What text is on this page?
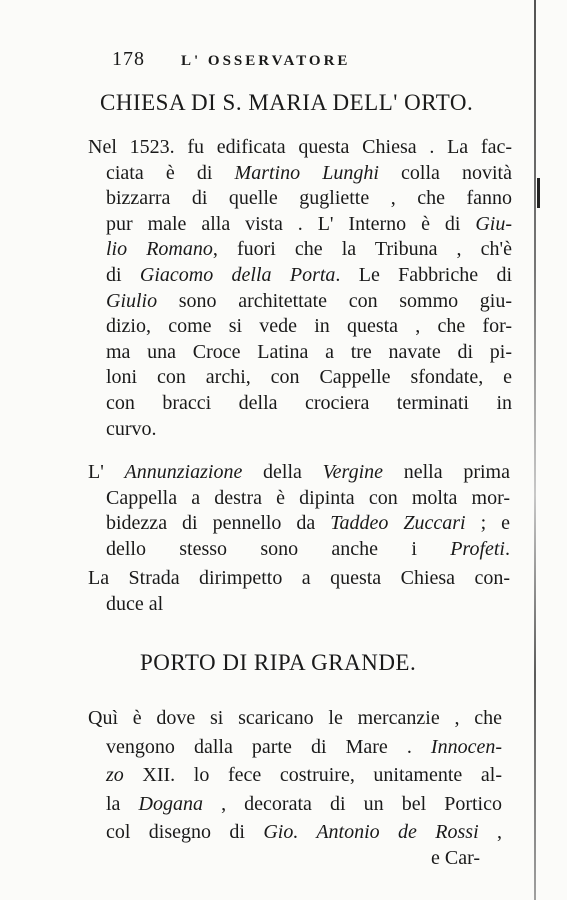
178 L' OSSERVATORE
CHIESA DI S. MARIA DELL' ORTO.
Nel 1523. fu edificata questa Chiesa . La fac-
ciata è di Martino Lunghi colla novità
bizzarra di quelle gugliette , che fanno
pur male alla vista . L' Interno è di Giu-
lio Romano, fuori che la Tribuna , ch'è
di Giacomo della Porta. Le Fabbriche di
Giulio sono architettate con sommo giu-
dizio, come si vede in questa , che for-
ma una Croce Latina a tre navate di pi-
loni con archi, con Cappelle sfondate, e
con bracci della crociera terminati in
curvo.
L' Annunziazione della Vergine nella prima
Cappella a destra è dipinta con molta mor-
bidezza di pennello da Taddeo Zuccari ; e
dello stesso sono anche i Profeti.
La Strada dirimpetto a questa Chiesa con-
duce al
PORTO DI RIPA GRANDE.
Quì è dove si scaricano le mercanzie , che
vengono dalla parte di Mare . Innocen-
zo XII. lo fece costruire, unitamente al-
la Dogana , decorata di un bel Portico
col disegno di Gio. Antonio de Rossi ,
e Car-
